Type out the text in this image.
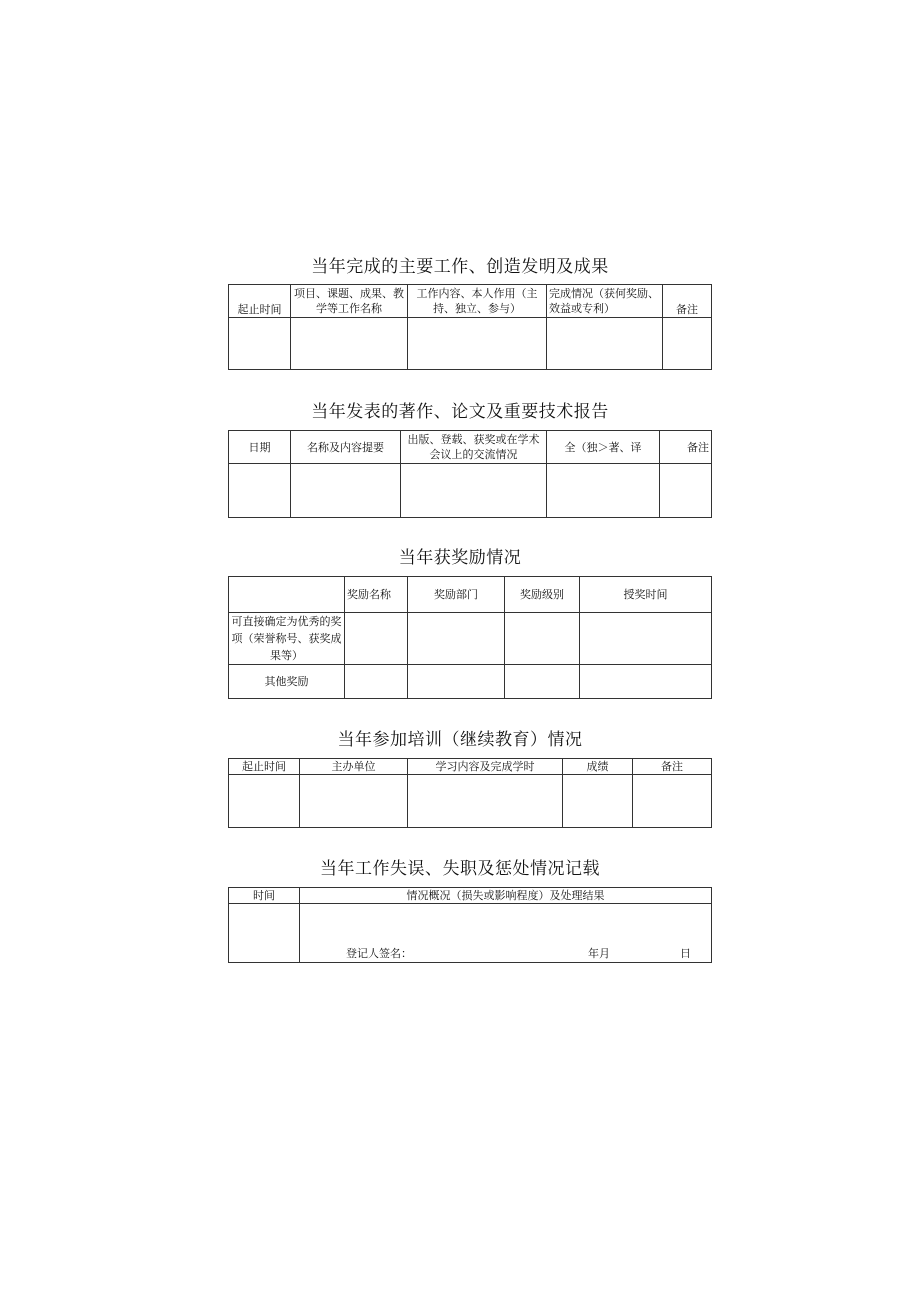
当年完成的主要工作、创造发明及成果
起止时间	项目、课题、成果、教学等工作名称	工作内容、本人作用（主持、独立、参与）	完成情况（获何奖励、效益或专利）	备注

当年发表的著作、论文及重要技术报告
日期	名称及内容提要	出版、登载、获奖或在学术会议上的交流情况	全（独＞著、译	备注

当年获奖励情况
	奖励名称	奖励部门	奖励级别	授奖时间
可直接确定为优秀的奖项（荣誉称号、获奖成果等）				
其他奖励				
当年参加培训（继续教育）情况
起止时间	主办单位	学习内容及完成学时	成绩	备注

当年工作失误、失职及惩处情况记载
时间	情况概况（损失或影响程度）及处理结果

	登记人签名： 年月 日
